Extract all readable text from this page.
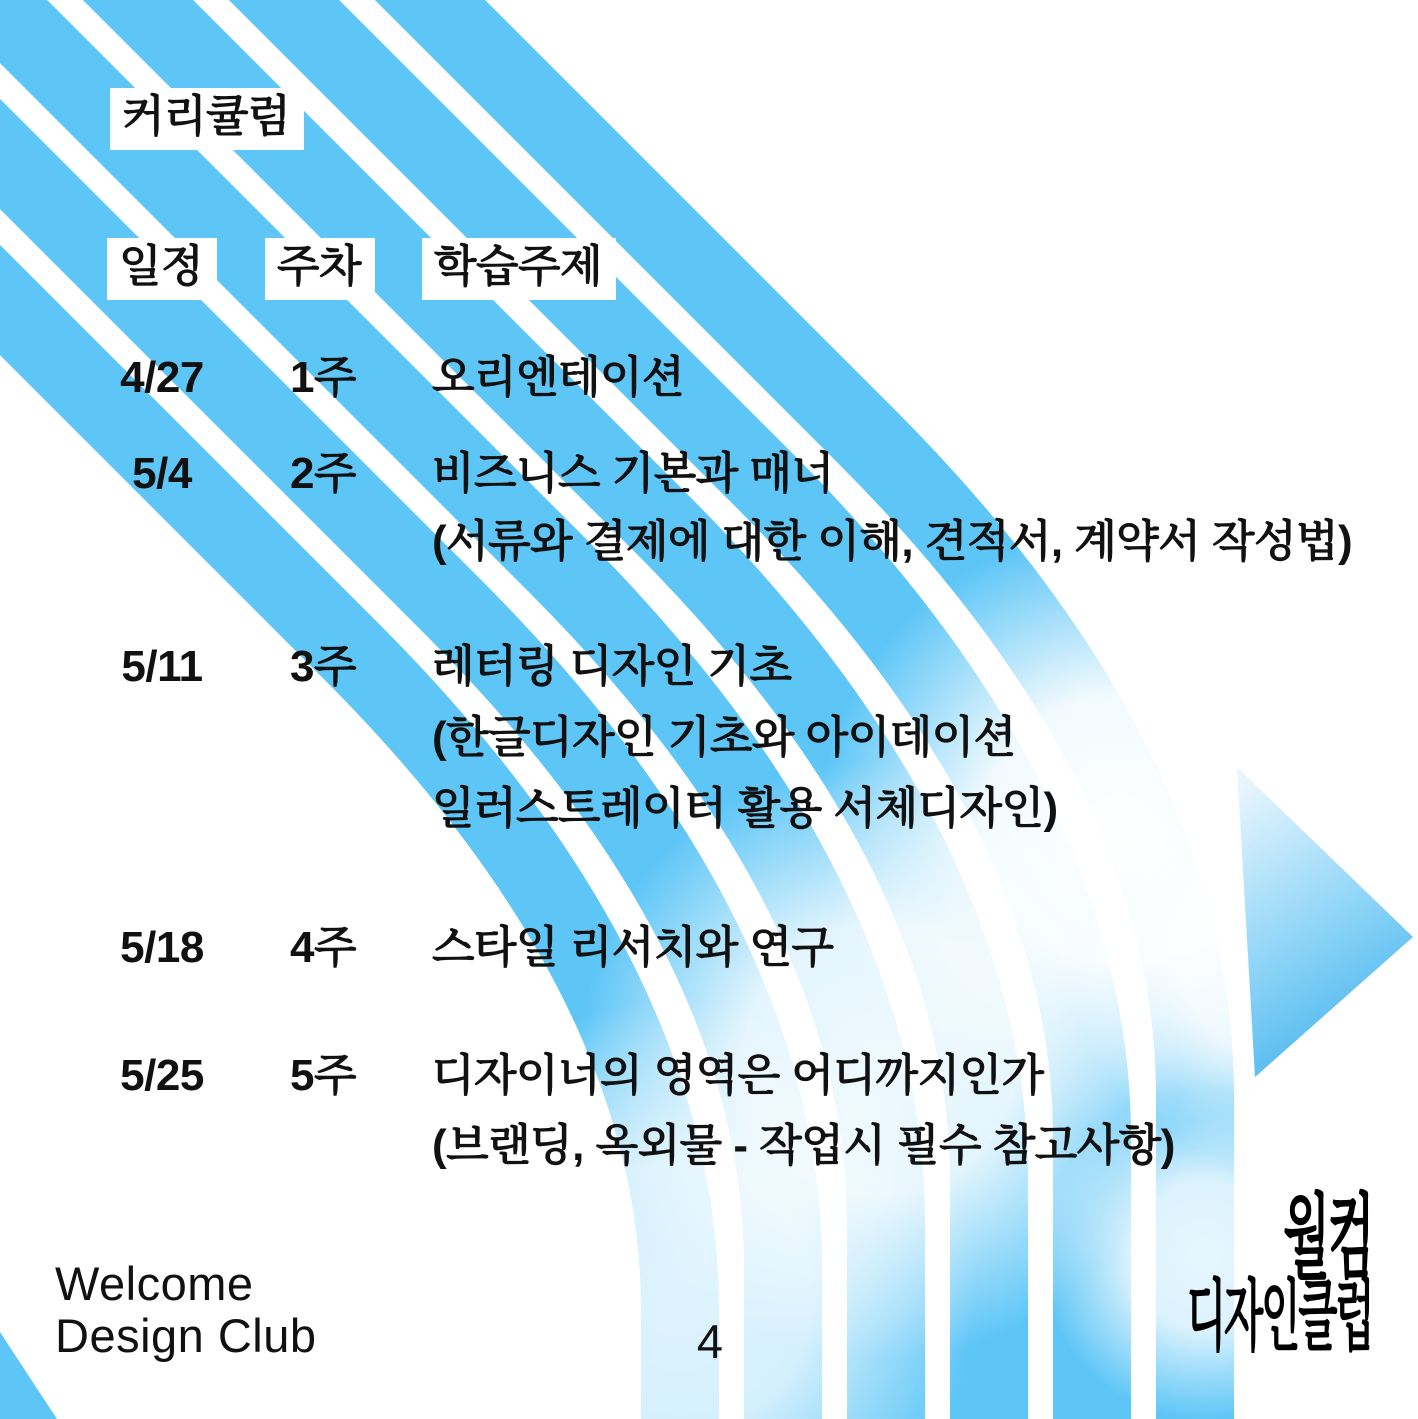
커리큘럼
일정	주차	학습주제
4/27	1주	오리엔테이션
5/4	2주	비즈니스 기본과 매너
(서류와 결제에 대한 이해, 견적서, 계약서 작성법)
5/11	3주	레터링 디자인 기초
(한글디자인 기초와 아이데이션
일러스트레이터 활용 서체디자인)
5/18	4주	스타일 리서치와 연구
5/25	5주	디자이너의 영역은 어디까지인가
(브랜딩, 옥외물 - 작업시 필수 참고사항)
Welcome
Design Club	4
월컴
디자인클럽
